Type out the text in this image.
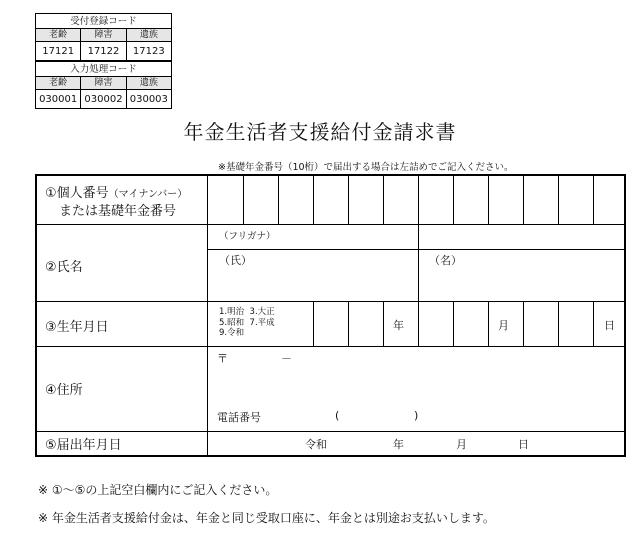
受付登録コード		
老齢	障害	遺族
17121	17122	17123
入力処理コード		
老齢	障害	遺族
030001	030002	030003
年金生活者支援給付金請求書
※基礎年金番号（10桁）で届出する場合は左詰めでご記入ください。
①個人番号（マイナンバー）
または基礎年金番号
②氏名
（フリガナ）
（氏）	（名）
③生年月日
1.明治 3.大正
5.昭和 7.平成
9.令和
年	月	日
④住所
〒	－
電話番号	(	)
⑤届出年月日	令和	年	月	日
※ ①～⑤の上記空白欄内にご記入ください。
※ 年金生活者支援給付金は、年金と同じ受取口座に、年金とは別途お支払いします。
